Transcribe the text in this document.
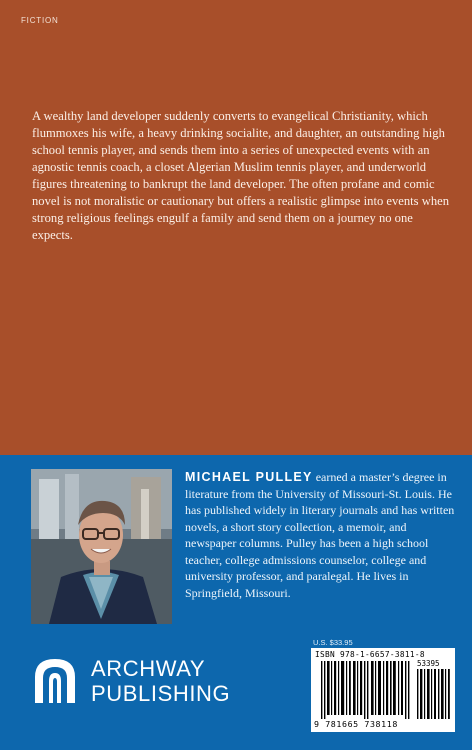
FICTION
A wealthy land developer suddenly converts to evangelical Christianity, which flummoxes his wife, a heavy drinking socialite, and daughter, an outstanding high school tennis player, and sends them into a series of unexpected events with an agnostic tennis coach, a closet Algerian Muslim tennis player, and underworld figures threatening to bankrupt the land developer. The often profane and comic novel is not moralistic or cautionary but offers a realistic glimpse into events when strong religious feelings engulf a family and send them on a journey no one expects.
MICHAEL PULLEY earned a master’s degree in literature from the University of Missouri-St. Louis. He has published widely in literary journals and has written novels, a short story collection, a memoir, and newspaper columns. Pulley has been a high school teacher, college admissions counselor, college and university professor, and paralegal. He lives in Springfield, Missouri.
ARCHWAY
PUBLISHING
U.S. $33.95
ISBN 978-1-6657-3811-8
53395
9 781665 738118
